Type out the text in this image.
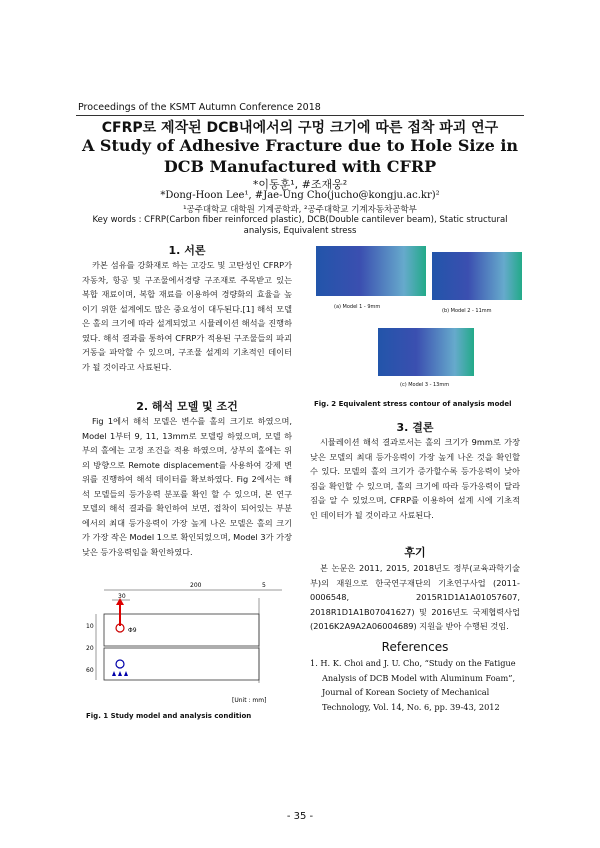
Proceedings of the KSMT Autumn Conference 2018
CFRP로 제작된 DCB내에서의 구멍 크기에 따른 접착 파괴 연구
A Study of Adhesive Fracture due to Hole Size in DCB Manufactured with CFRP
*이동훈¹, #조재웅²
*Dong-Hoon Lee¹, #Jae-Ung Cho(jucho@kongju.ac.kr)²
¹공주대학교 대학원 기계공학과, ²공주대학교 기계자동차공학부
Key words : CFRP(Carbon fiber reinforced plastic), DCB(Double cantilever beam), Static structural analysis, Equivalent stress
1. 서론
카본 섬유를 강화재로 하는 고강도 및 고탄성인 CFRP가 자동차, 항공 및 구조물에서경량 구조재로 주목받고 있는 복합 재료이며, 복합 재료를 이용하여 경량화의 효율을 높이기 위한 설계에도 많은 중요성이 대두된다.[1] 해석 모델은 홀의 크기에 따라 설계되었고 시뮬레이션 해석을 진행하였다. 해석 결과를 통하여 CFRP가 적용된 구조물들의 파괴거동을 파악할 수 있으며, 구조물 설계의 기초적인 데이터가 될 것이라고 사료된다.
2. 해석 모델 및 조건
Fig 1에서 해석 모델은 변수를 홀의 크기로 하였으며, Model 1부터 9, 11, 13mm로 모델링 하였으며, 모델 하부의 홀에는 고정 조건을 적용 하였으며, 상부의 홀에는 위의 방향으로 Remote displacement를 사용하여 강제 변위를 진행하여 해석 데이터를 확보하였다. Fig 2에서는 해석 모델들의 등가응력 분포를 확인 할 수 있으며, 본 연구 모델의 해석 결과를 확인하여 보면, 접착이 되어있는 부분에서의 최대 등가응력이 가장 높게 나온 모델은 홀의 크기가 가장 작은 Model 1으로 확인되었으며, Model 3가 가장 낮은 등가응력임을 확인하였다.
200	5
30
10
20
60
Φ9
[Unit : mm]
Fig. 1 Study model and analysis condition
(a) Model 1 - 9mm
(b) Model 2 - 11mm
(c) Model 3 - 13mm
Fig. 2 Equivalent stress contour of analysis model
3. 결론
시뮬레이션 해석 결과로서는 홀의 크기가 9mm로 가장 낮은 모델의 최대 등가응력이 가장 높게 나온 것을 확인할 수 있다. 모델의 홀의 크기가 증가할수록 등가응력이 낮아짐을 확인할 수 있으며, 홀의 크기에 따라 등가응력이 달라짐을 알 수 있었으며, CFRP를 이용하여 설계 시에 기초적인 데이터가 될 것이라고 사료된다.
후기
본 논문은 2011, 2015, 2018년도 정부(교육과학기술부)의 재원으로 한국연구재단의 기초연구사업 (2011-0006548, 2015R1D1A1A01057607, 2018R1D1A1B07041627) 및 2016년도 국제협력사업 (2016K2A9A2A06004689) 지원을 받아 수행된 것임.
References
1. H. K. Choi and J. U. Cho, “Study on the Fatigue Analysis of DCB Model with Aluminum Foam”, Journal of Korean Society of Mechanical Technology, Vol. 14, No. 6, pp. 39-43, 2012
- 35 -
